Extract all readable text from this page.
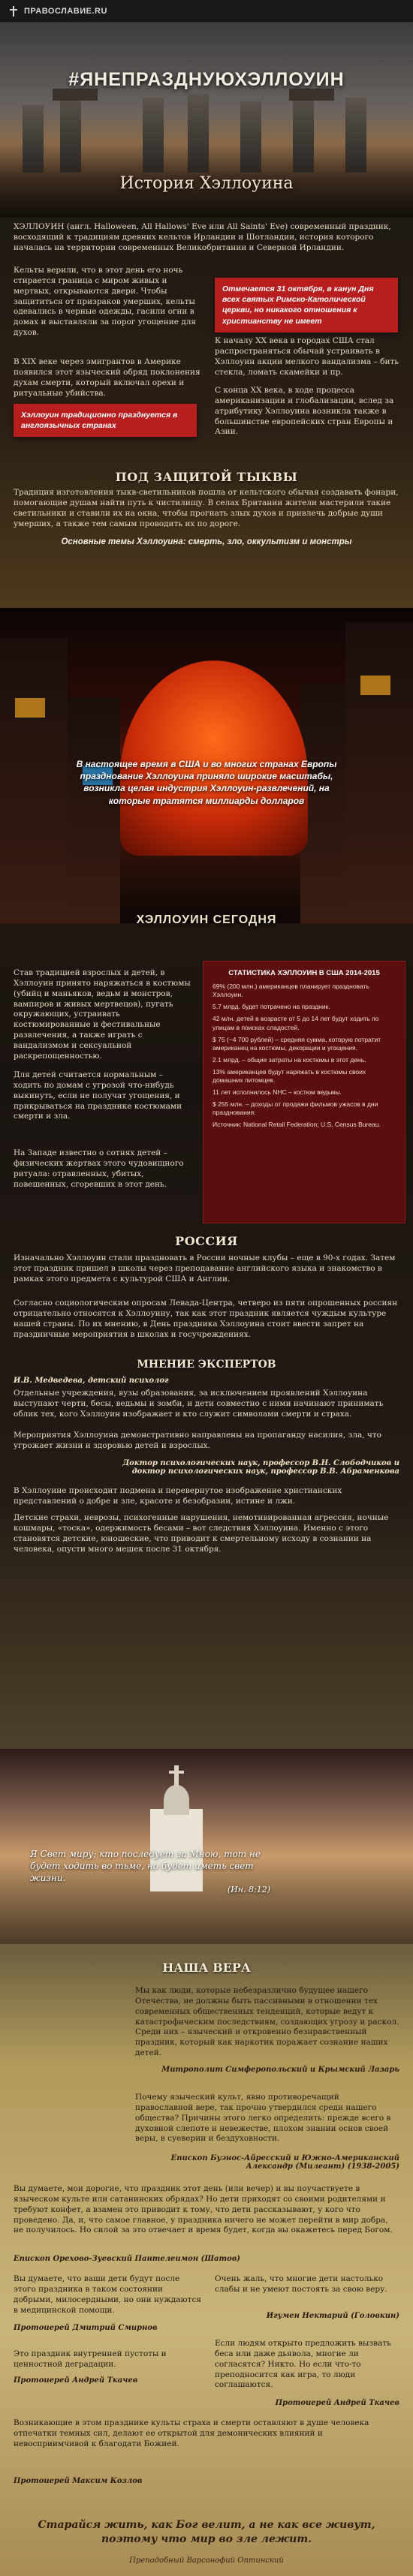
ПРАВОСЛАВИЕ.RU
#ЯНЕПРАЗДНУЮХЭЛЛОУИН
История Хэллоуина
ХЭЛЛОУИН (англ. Halloween, All Hallows' Eve или All Saints' Eve) современный праздник, восходящий к традициям древних кельтов Ирландии и Шотландии, история которого началась на территории современных Великобритании и Северной Ирландии.
Кельты верили, что в этот день его ночь стирается граница с миром живых и мертвых, открываются двери. Чтобы защититься от призраков умерших, кельты одевались в черные одежды, гасили огни в домах и выставляли за порог угощение для духов.
Отмечается 31 октября, в канун Дня всех святых Римско-Католической церкви, но никакого отношения к христианству не имеет
В XIX веке через эмигрантов в Америке появился этот языческий обряд поклонения духам смерти, который включал орехи и ритуальные убийства.
К началу XX века в городах США стал распространяться обычай устраивать в Хэллоуин акции мелкого вандализма – бить стекла, ломать скамейки и пр.
Хэллоуин традиционно празднуется в англоязычных странах
С конца XX века, в ходе процесса американизации и глобализации, вслед за атрибутику Хэллоуина возникла также в большинстве европейских стран Европы и Азии.
ПОД ЗАЩИТОЙ ТЫКВЫ
Традиция изготовления тыкв-светильников пошла от кельтского обычая создавать фонари, помогающие душам найти путь к чистилищу. В селах Британии жители мастерили такие светильники и ставили их на окна, чтобы прогнать злых духов и привлечь добрые души умерших, а также тем самым проводить их по дороге.
Основные темы Хэллоуина: смерть, зло, оккультизм и монстры
В настоящее время в США и во многих странах Европы празднование Хэллоуина приняло широкие масштабы, возникла целая индустрия Хэллоуин-развлечений, на которые тратятся миллиарды долларов
ХЭЛЛОУИН СЕГОДНЯ
Став традицией взрослых и детей, в Хэллоуин принято наряжаться в костюмы (убийц и маньяков, ведьм и монстров, вампиров и живых мертвецов), пугать окружающих, устраивать костюмированные и фестивальные развлечения, а также играть с вандализмом и сексуальной раскрепощенностью.
Для детей считается нормальным – ходить по домам с угрозой что-нибудь выкинуть, если не получат угощения, и прикрываться на празднике костюмами смерти и зла.
На Западе известно о сотнях детей – физических жертвах этого чудовищного ритуала: отравленных, убитых, повешенных, сгоревших в этот день.
СТАТИСТИКА ХЭЛЛОУИН В США 2014-2015

69% (200 млн.) американцев планирует праздновать Хэллоуин.

5.7 млрд. будет потрачено на праздник.

42 млн. детей в возрасте от 5 до 14 лет будут ходить по улицам в поисках сладостей.

$ 75 (~4 700 рублей) – средняя сумма, которую потратит американец на костюмы, декорации и угощения.

2.1 млрд. – общие затраты на костюмы в этот день.

13% американцев будут наряжать в костюмы своих домашних питомцев.

11 лет исполнилось NHC – костюм ведьмы.

$ 255 млн. – доходы от продажи фильмов ужасов в дни празднования.

Источник: National Retail Federation; U.S. Census Bureau.

РОССИЯ
Изначально Хэллоуин стали праздновать в России ночные клубы – еще в 90-х годах. Затем этот праздник пришел в школы через преподавание английского языка и знакомство в рамках этого предмета с культурой США и Англии.
Согласно социологическим опросам Левада-Центра, четверо из пяти опрошенных россиян отрицательно относятся к Хэллоуину, так как этот праздник является чуждым культуре нашей страны. По их мнению, в День праздника Хэллоуина стоит ввести запрет на праздничные мероприятия в школах и госучреждениях.
МНЕНИЕ ЭКСПЕРТОВ
И.В. Медведева, детский психолог
Отдельные учреждения, вузы образования, за исключением проявлений Хэллоуина выступают черти, бесы, ведьмы и зомби, и дети совместно с ними начинают принимать облик тех, кого Хэллоуин изображает и кто служит символами смерти и страха.
Мероприятия Хэллоуина демонстративно направлены на пропаганду насилия, зла, что угрожает жизни и здоровью детей и взрослых.
Доктор психологических наук, профессор В.Н. Слободчиков и доктор психологических наук, профессор В.В. Абраменкова
В Хэллоуине происходит подмена и перевернутое изображение христианских представлений о добре и зле, красоте и безобразии, истине и лжи.
Детские страхи, неврозы, психогенные нарушения, немотивированная агрессия, ночные кошмары, «тоска», одержимость бесами – вот следствия Хэллоуина. Именно с этого становятся детские, юношеские, что приводит к смертельному исходу в сознании на человека, опусти много мешек после 31 октября.
Я Свет миру; кто последует за Мною, тот не будет ходить во тьме, но будет иметь свет жизни.
(Ин. 8:12)
НАША ВЕРА
Мы как люди, которые небезразлично будущее нашего Отечества, не должны быть пассивными в отношении тех современных общественных тенденций, которые ведут к катастрофическим последствиям, создающих угрозу и раскол. Среди них – языческий и откровенно безнравственный праздник, который как наркотик поражает сознание наших детей.
Митрополит Симферопольский и Крымский Лазарь
Почему языческий культ, явно противоречащий православной вере, так прочно утвердился среди нашего общества? Причины этого легко определить: прежде всего в духовной слепоте и невежестве, плохом знании основ своей веры, в суеверии и бездуховности.
Епископ Буэнос-Айресский и Южно-Американский Александр (Милеант) (1938-2005)
Вы думаете, мои дорогие, что праздник этот день (или вечер) и вы поучаствуете в языческом культе или сатанинских обрядах? Но дети приходят со своими родителями и требуют конфет, а взамен это приводит к тому, что дети рассказывают, у кого что проведено. Да, и, что самое главное, у праздника ничего не может перейти в мир добра, не получилось. Но силой за это отвечает и время будет, когда вы окажетесь перед Богом.
Епископ Орехово-Зуевский Пантелеимон (Шатов)
Вы думаете, что ваши дети будут после этого праздника в таком состоянии добрыми, милосердными, но они нуждаются в медицинской помощи.
Протоиерей Дмитрий Смирнов
Очень жаль, что многие дети настолько слабы и не умеют постоять за свою веру.
Игумен Нектарий (Головкин)
Это праздник внутренней пустоты и ценностной деградации.
Протоиерей Андрей Ткачев
Если людям открыто предложить вызвать беса или даже дьявола, многие ли согласятся? Никто. Но если что-то преподносится как игра, то люди соглашаются.
Протоиерей Андрей Ткачев
Возникающие в этом празднике культы страха и смерти оставляют в душе человека отпечатки темных сил, делают ее открытой для демонических влияний и невосприимчивой к благодати Божией.
Протоиерей Максим Козлов
Старайся жить, как Бог велит, а не как все живут, поэтому что мир во зле лежит.
Преподобный Варсонофий Оптинский
